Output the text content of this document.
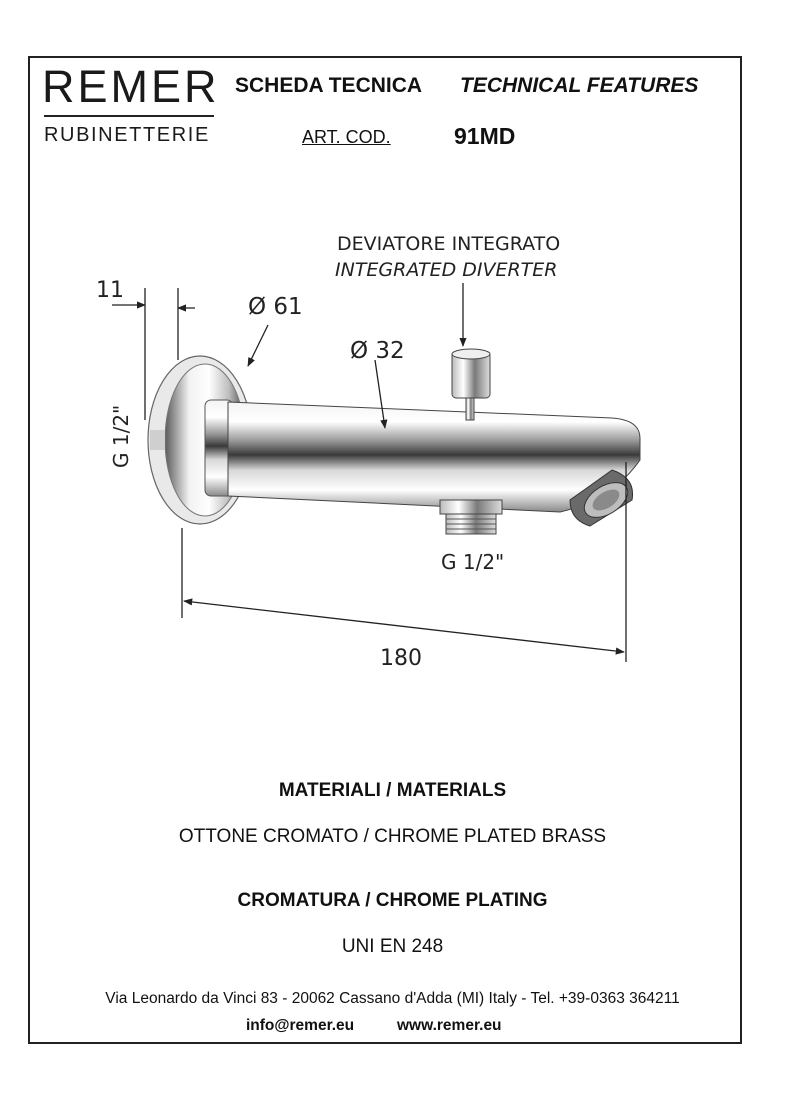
REMER
RUBINETTERIE
SCHEDA TECNICA TECHNICAL FEATURES
ART. COD.	91MD
11
Ø 61
Ø 32
DEVIATORE INTEGRATO
INTEGRATED DIVERTER
G 1/2"
G 1/2"
180
MATERIALI / MATERIALS
OTTONE CROMATO / CHROME PLATED BRASS
CROMATURA / CHROME PLATING
UNI EN 248
Via Leonardo da Vinci 83 - 20062 Cassano d'Adda (MI) Italy - Tel. +39-0363 364211
info@remer.eu	www.remer.eu
